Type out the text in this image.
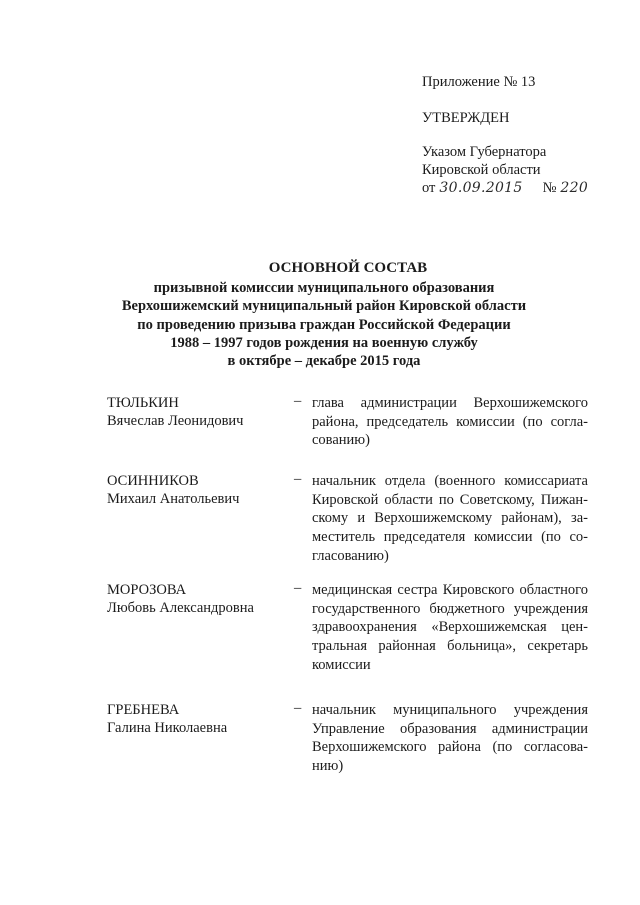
Приложение № 13
УТВЕРЖДЕН
Указом Губернатора
Кировской области
от 30.09.2015 № 220
ОСНОВНОЙ СОСТАВ
призывной комиссии муниципального образования
Верхошижемский муниципальный район Кировской области
по проведению призыва граждан Российской Федерации
1988 – 1997 годов рождения на военную службу
в октябре – декабре 2015 года
ТЮЛЬКИН
Вячеслав Леонидович
– глава администрации Верхошижемского
района, председатель комиссии (по согла-
сованию)
ОСИННИКОВ
Михаил Анатольевич
– начальник отдела (военного комиссариата
Кировской области по Советскому, Пижан-
скому и Верхошижемскому районам), за-
меститель председателя комиссии (по со-
гласованию)
МОРОЗОВА
Любовь Александровна
– медицинская сестра Кировского областного
государственного бюджетного учреждения
здравоохранения «Верхошижемская цен-
тральная районная больница», секретарь
комиссии
ГРЕБНЕВА
Галина Николаевна
– начальник муниципального учреждения
Управление образования администрации
Верхошижемского района (по согласова-
нию)
